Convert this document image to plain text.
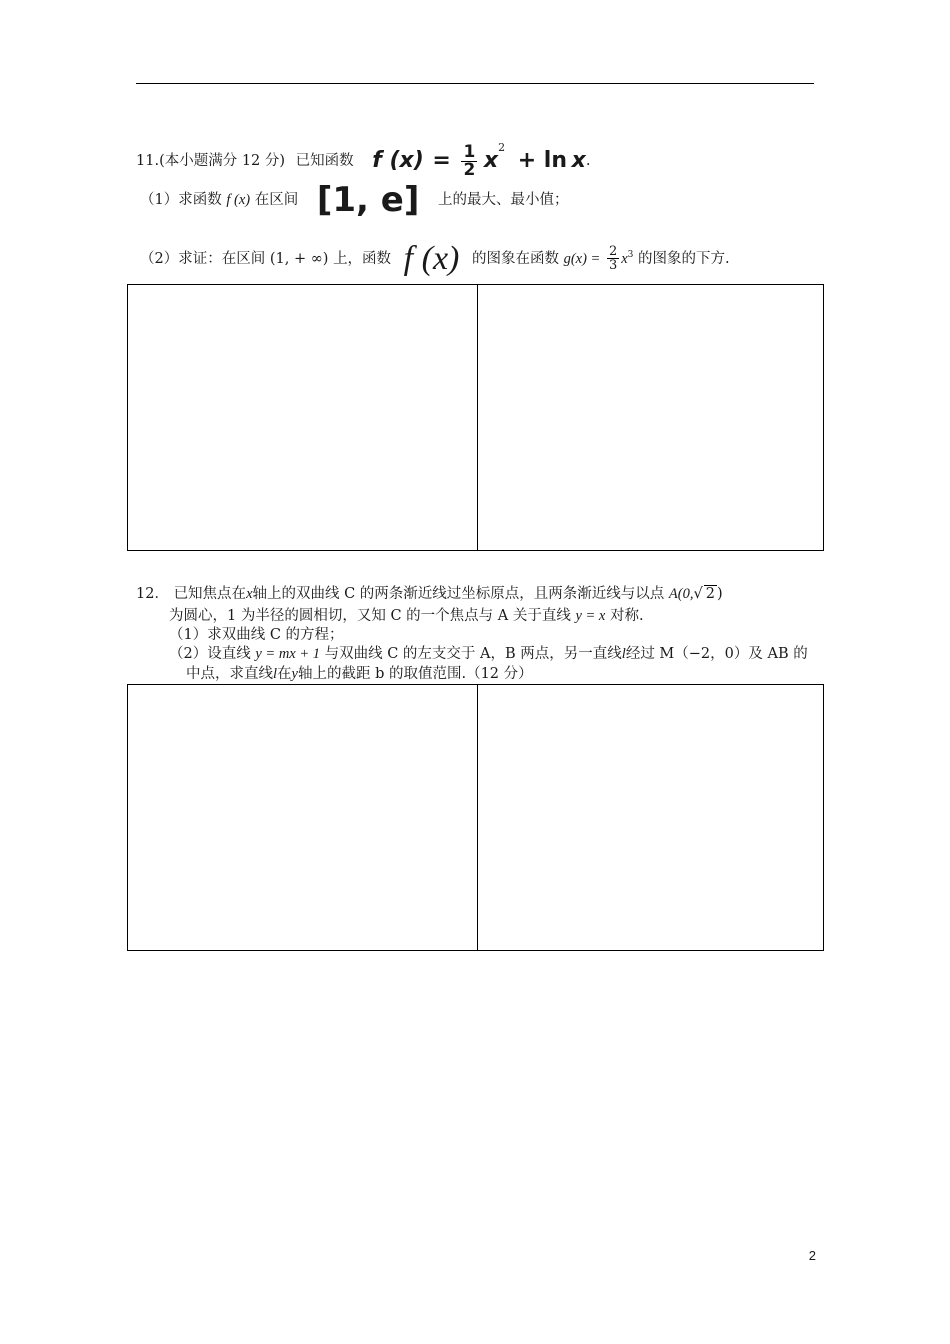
11.(本小题满分 12 分) 已知函数 f $(x) = \frac{1}{2} x^2 + \ln x$.
（1）求函数 f (x) 在区间 [1, e] 上的最大、最小值；
（2）求证：在区间 (1, + ∞) 上，函数 f (x) 的图象在函数 $g(x) = \frac{2}{3} x^3$ 的图象的下方.
12． 已知焦点在x轴上的双曲线 C 的两条渐近线过坐标原点，且两条渐近线与以点 A(0,√ 2 )
为圆心，1 为半径的圆相切，又知 C 的一个焦点与 A 关于直线 y = x 对称.
（1）求双曲线 C 的方程；
（2）设直线 y = mx + 1 与双曲线 C 的左支交于 A，B 两点，另一直线l经过 M（−2，0）及 AB 的
中点，求直线l在y轴上的截距 b 的取值范围.（12 分）
2
